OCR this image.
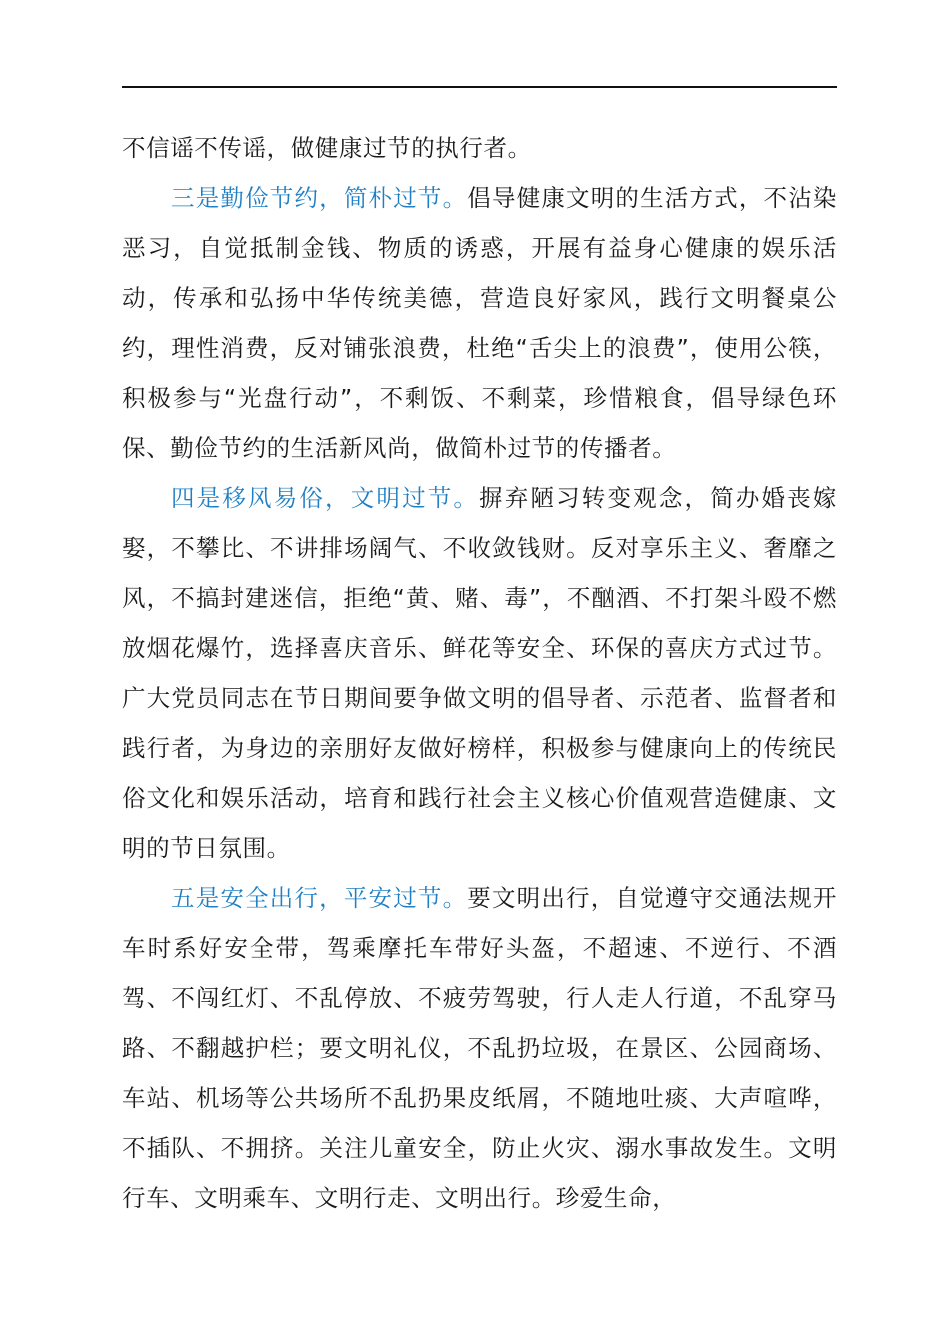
不信谣不传谣，做健康过节的执行者。

三是勤俭节约，简朴过节。倡导健康文明的生活方式，不沾染恶习，自觉抵制金钱、物质的诱惑，开展有益身心健康的娱乐活动，传承和弘扬中华传统美德，营造良好家风，践行文明餐桌公约，理性消费，反对铺张浪费，杜绝“舌尖上的浪费”，使用公筷，积极参与“光盘行动”，不剩饭、不剩菜，珍惜粮食，倡导绿色环保、勤俭节约的生活新风尚，做简朴过节的传播者。

四是移风易俗，文明过节。摒弃陋习转变观念，简办婚丧嫁娶，不攀比、不讲排场阔气、不收敛钱财。反对享乐主义、奢靡之风，不搞封建迷信，拒绝“黄、赌、毒”，不酗酒、不打架斗殴不燃放烟花爆竹，选择喜庆音乐、鲜花等安全、环保的喜庆方式过节。广大党员同志在节日期间要争做文明的倡导者、示范者、监督者和践行者，为身边的亲朋好友做好榜样，积极参与健康向上的传统民俗文化和娱乐活动，培育和践行社会主义核心价值观营造健康、文明的节日氛围。

五是安全出行，平安过节。要文明出行，自觉遵守交通法规开车时系好安全带，驾乘摩托车带好头盔，不超速、不逆行、不酒驾、不闯红灯、不乱停放、不疲劳驾驶，行人走人行道，不乱穿马路、不翻越护栏；要文明礼仪，不乱扔垃圾，在景区、公园商场、车站、机场等公共场所不乱扔果皮纸屑，不随地吐痰、大声喧哗，不插队、不拥挤。关注儿童安全，防止火灾、溺水事故发生。文明行车、文明乘车、文明行走、文明出行。珍爱生命，
